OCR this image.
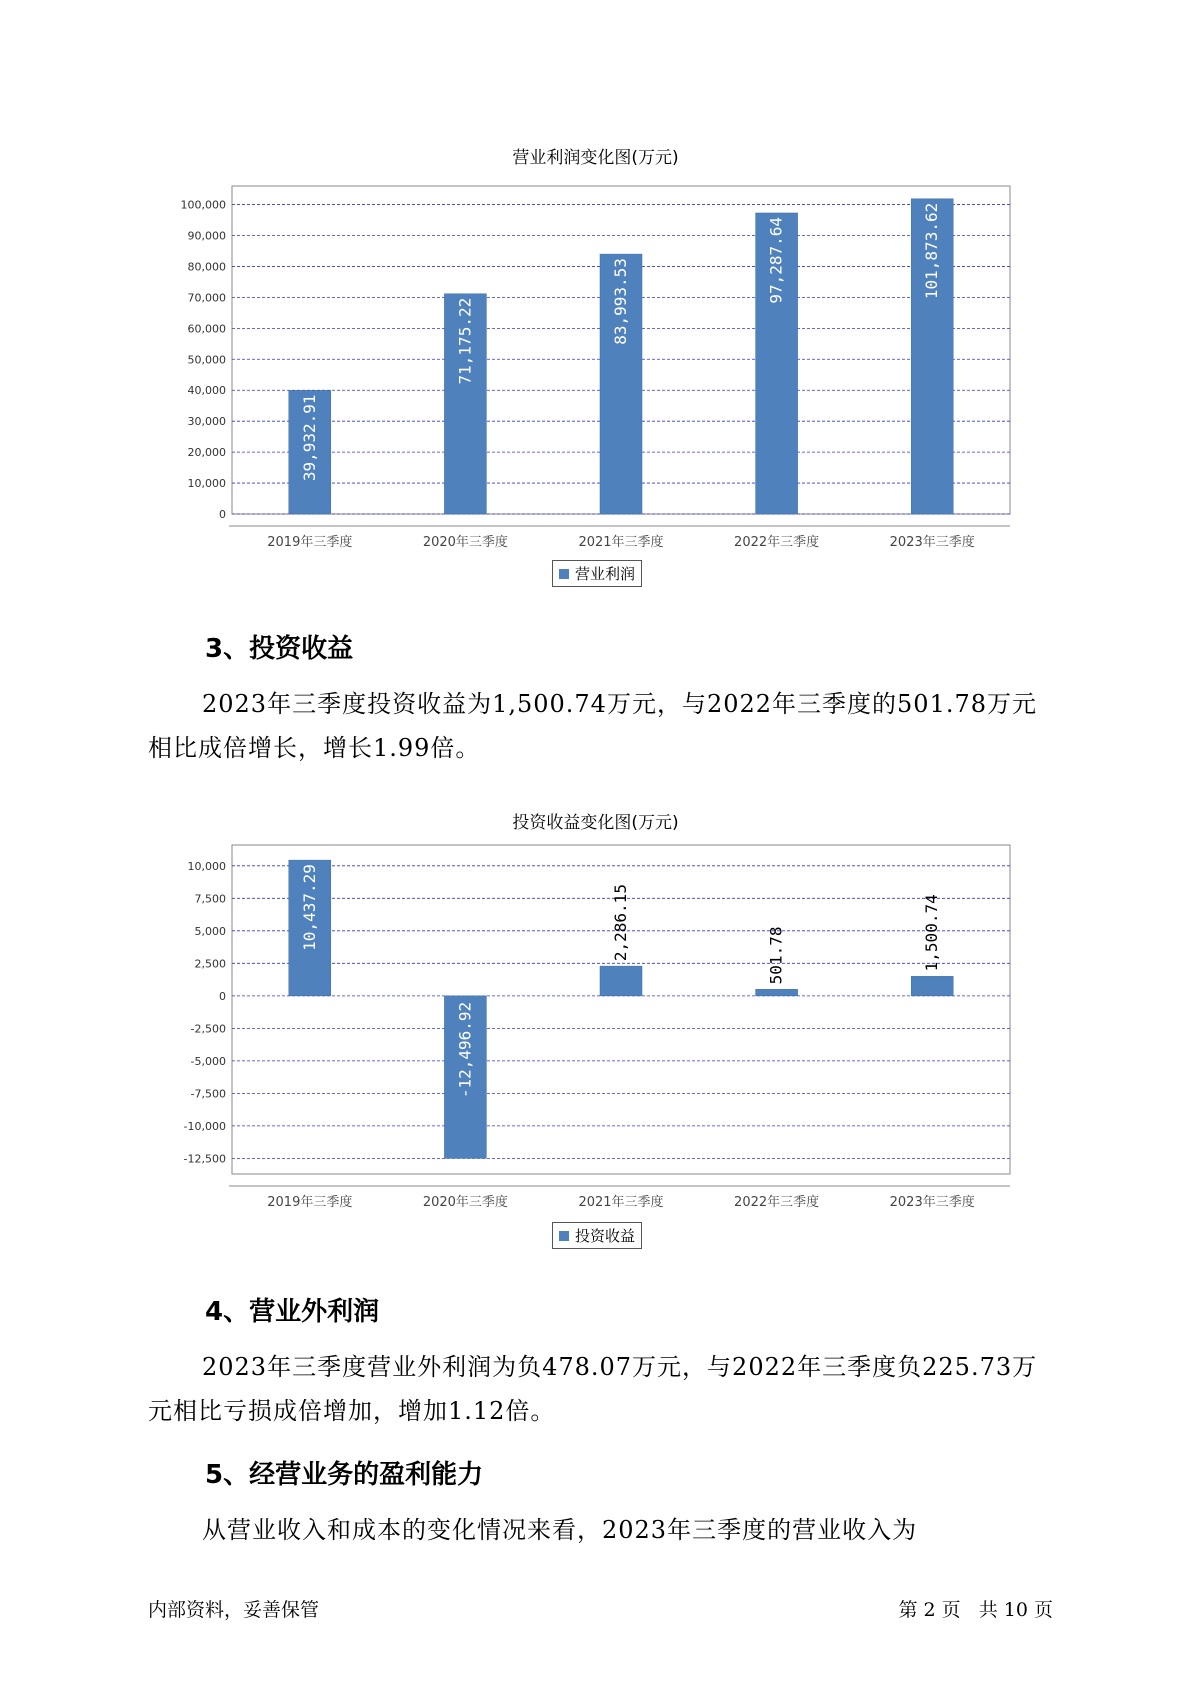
营业利润变化图(万元)
0
10,000
20,000
30,000
40,000
50,000
60,000
70,000
80,000
90,000
100,000
2019年三季度
39,932.91
2020年三季度
71,175.22
2021年三季度
83,993.53
2022年三季度
97,287.64
2023年三季度
101,873.62
营业利润
3、投资收益
2023年三季度投资收益为1,500.74万元，与2022年三季度的501.78万元相比成倍增长，增长1.99倍。
投资收益变化图(万元)
-12,500
-10,000
-7,500
-5,000
-2,500
0
2,500
5,000
7,500
10,000
2019年三季度
10,437.29
2020年三季度
-12,496.92
2021年三季度
2,286.15
2022年三季度
501.78
2023年三季度
1,500.74
投资收益
4、营业外利润
2023年三季度营业外利润为负478.07万元，与2022年三季度负225.73万元相比亏损成倍增加，增加1.12倍。
5、经营业务的盈利能力
从营业收入和成本的变化情况来看，2023年三季度的营业收入为
内部资料，妥善保管	第 2 页   共 10 页
